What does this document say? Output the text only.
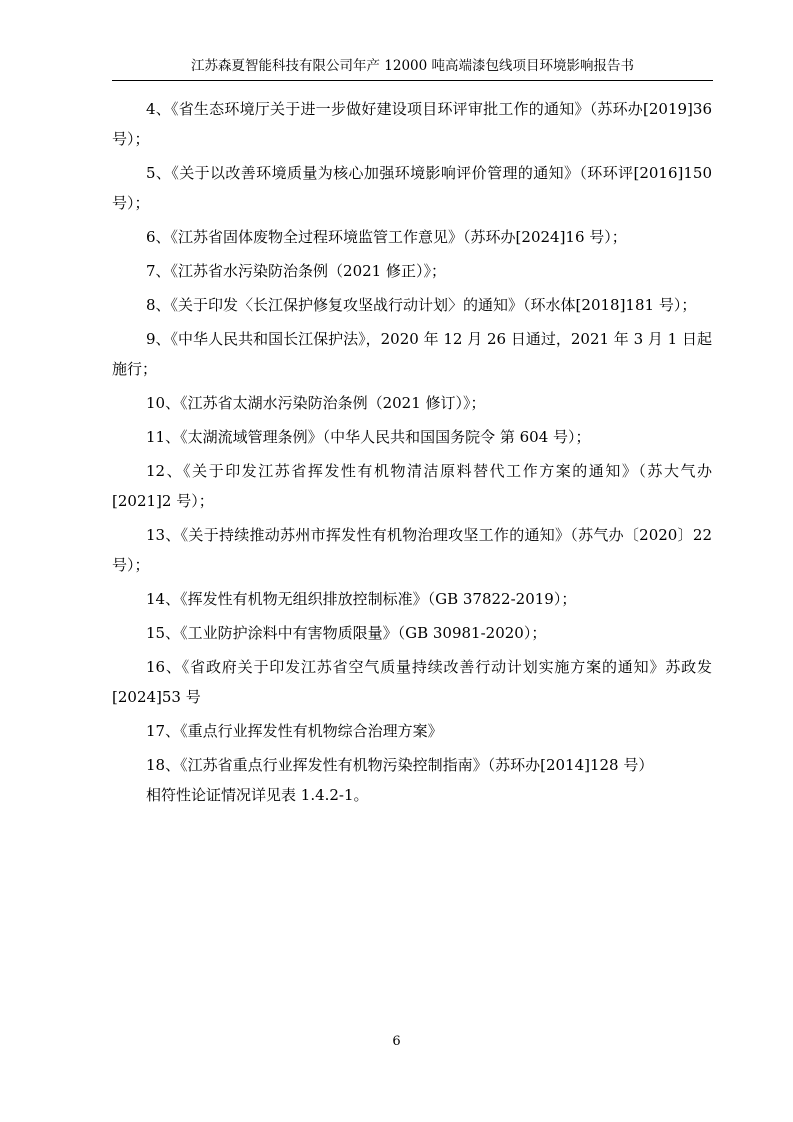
江苏森夏智能科技有限公司年产 12000 吨高端漆包线项目环境影响报告书

4、《省生态环境厅关于进一步做好建设项目环评审批工作的通知》（苏环办[2019]36 号）；

5、《关于以改善环境质量为核心加强环境影响评价管理的通知》（环环评[2016]150 号）；

6、《江苏省固体废物全过程环境监管工作意见》（苏环办[2024]16 号）；

7、《江苏省水污染防治条例（2021 修正）》；

8、《关于印发〈长江保护修复攻坚战行动计划〉的通知》（环水体[2018]181 号）；

9、《中华人民共和国长江保护法》，2020 年 12 月 26 日通过，2021 年 3 月 1 日起施行；

10、《江苏省太湖水污染防治条例（2021 修订）》；

11、《太湖流域管理条例》（中华人民共和国国务院令 第 604 号）；

12、《关于印发江苏省挥发性有机物清洁原料替代工作方案的通知》（苏大气办[2021]2 号）；

13、《关于持续推动苏州市挥发性有机物治理攻坚工作的通知》（苏气办〔2020〕22 号）；

14、《挥发性有机物无组织排放控制标准》（GB 37822-2019）；

15、《工业防护涂料中有害物质限量》（GB 30981-2020）；

16、《省政府关于印发江苏省空气质量持续改善行动计划实施方案的通知》苏政发[2024]53 号

17、《重点行业挥发性有机物综合治理方案》

18、《江苏省重点行业挥发性有机物污染控制指南》（苏环办[2014]128 号）

相符性论证情况详见表 1.4.2-1。

6
